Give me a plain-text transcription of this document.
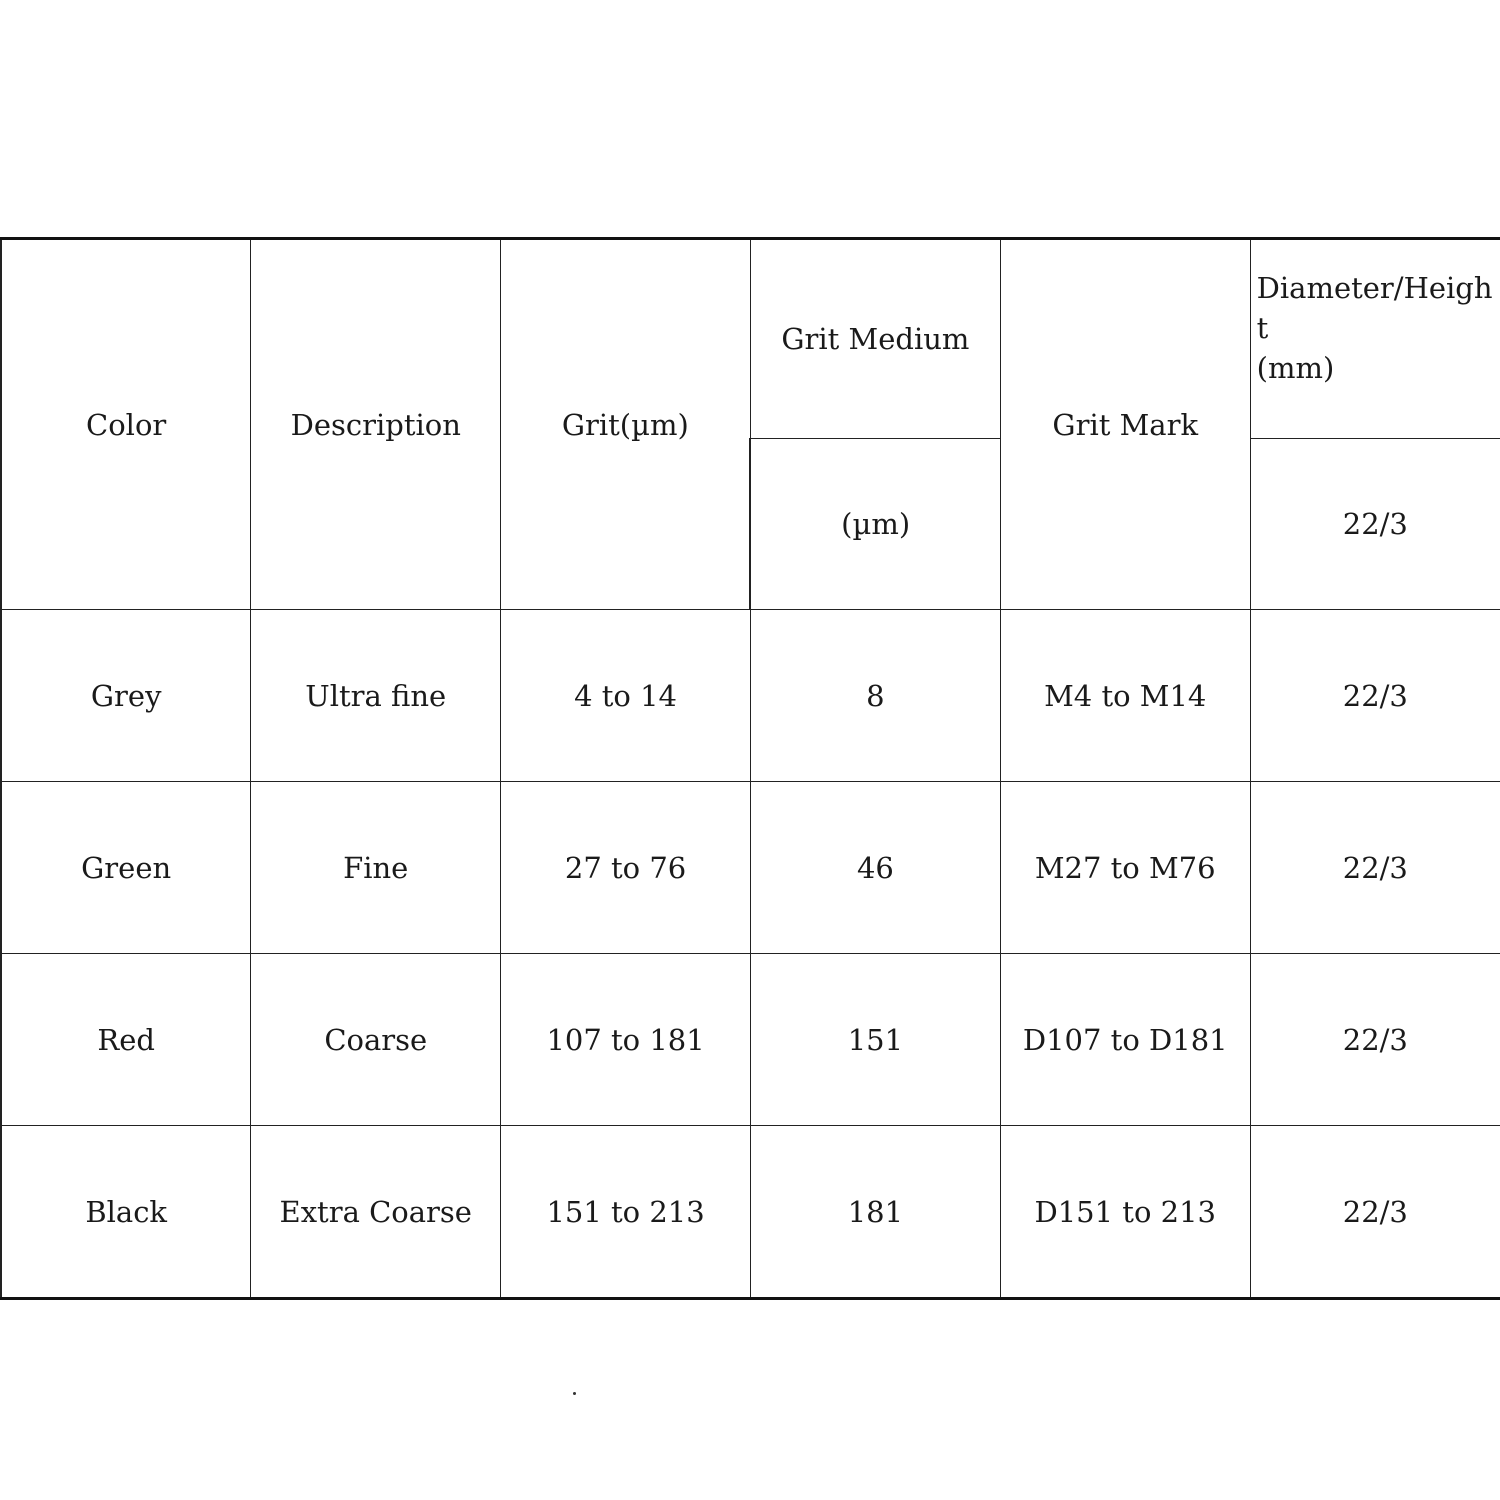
Color	Description	Grit(µm)	Grit Medium	Grit Mark	Diameter/Height
(mm)

			(µm)		22/3
Grey	Ultra fine	4 to 14	8	M4 to M14	22/3
Green	Fine	27 to 76	46	M27 to M76	22/3
Red	Coarse	107 to 181	151	D107 to D181	22/3
Black	Extra Coarse	151 to 213	181	D151 to 213	22/3
